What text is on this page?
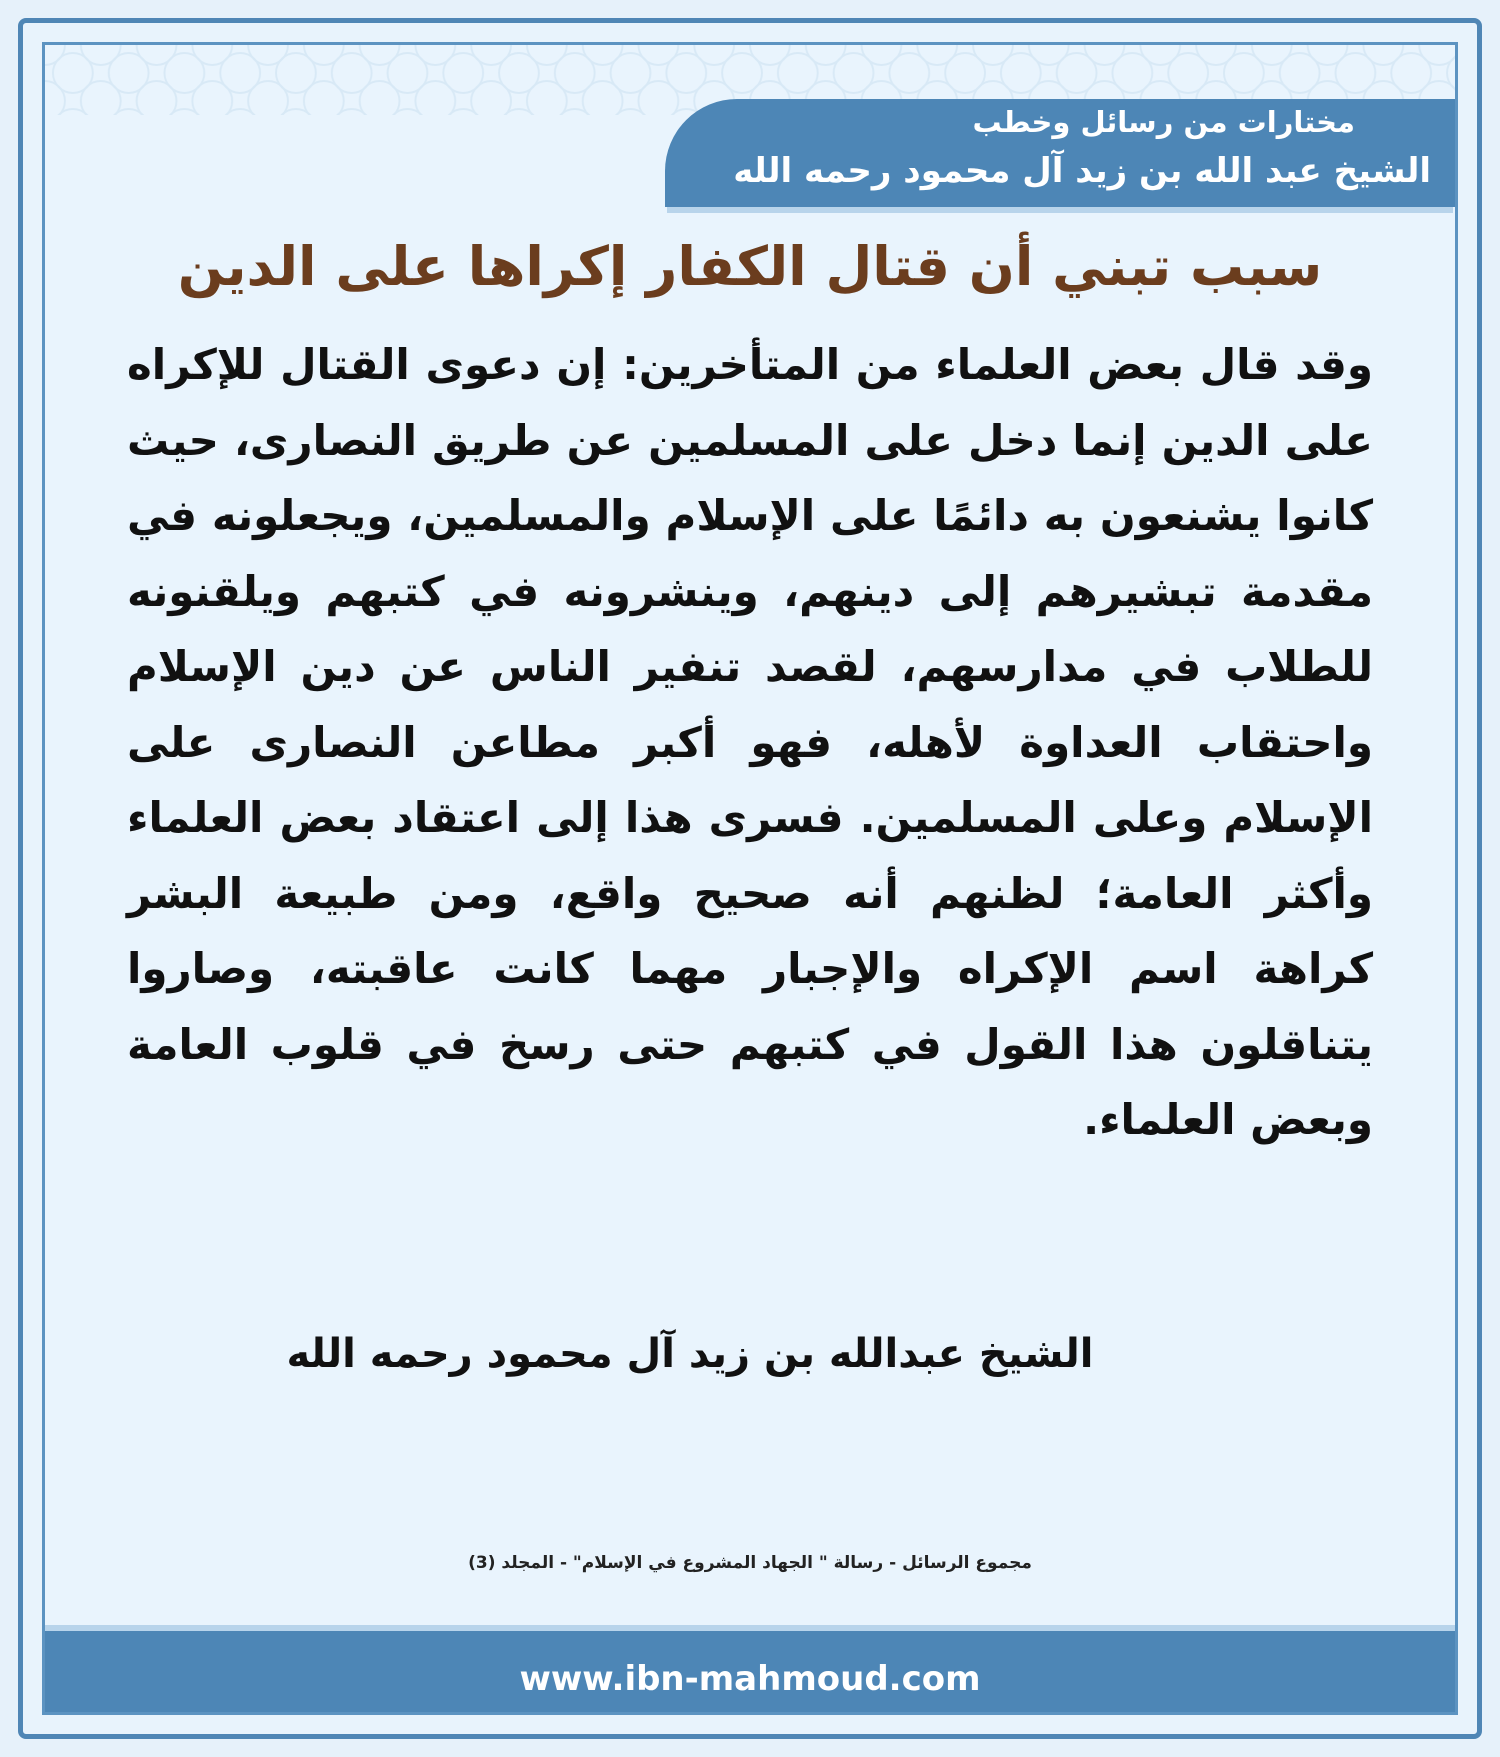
مختارات من رسائل وخطب
الشيخ عبد الله بن زيد آل محمود رحمه الله
سبب تبني أن قتال الكفار إكراها على الدين
وقد قال بعض العلماء من المتأخرين: إن دعوى القتال للإكراه على الدين إنما دخل على المسلمين عن طريق النصارى، حيث كانوا يشنعون به دائمًا على الإسلام والمسلمين، ويجعلونه في مقدمة تبشيرهم إلى دينهم، وينشرونه في كتبهم ويلقنونه للطلاب في مدارسهم، لقصد تنفير الناس عن دين الإسلام واحتقاب العداوة لأهله، فهو أكبر مطاعن النصارى على الإسلام وعلى المسلمين. فسرى هذا إلى اعتقاد بعض العلماء وأكثر العامة؛ لظنهم أنه صحيح واقع، ومن طبيعة البشر كراهة اسم الإكراه والإجبار مهما كانت عاقبته، وصاروا يتناقلون هذا القول في كتبهم حتى رسخ في قلوب العامة وبعض العلماء.
الشيخ عبدالله بن زيد آل محمود رحمه الله
مجموع الرسائل - رسالة " الجهاد المشروع في الإسلام" - المجلد (3)
www.ibn-mahmoud.com
